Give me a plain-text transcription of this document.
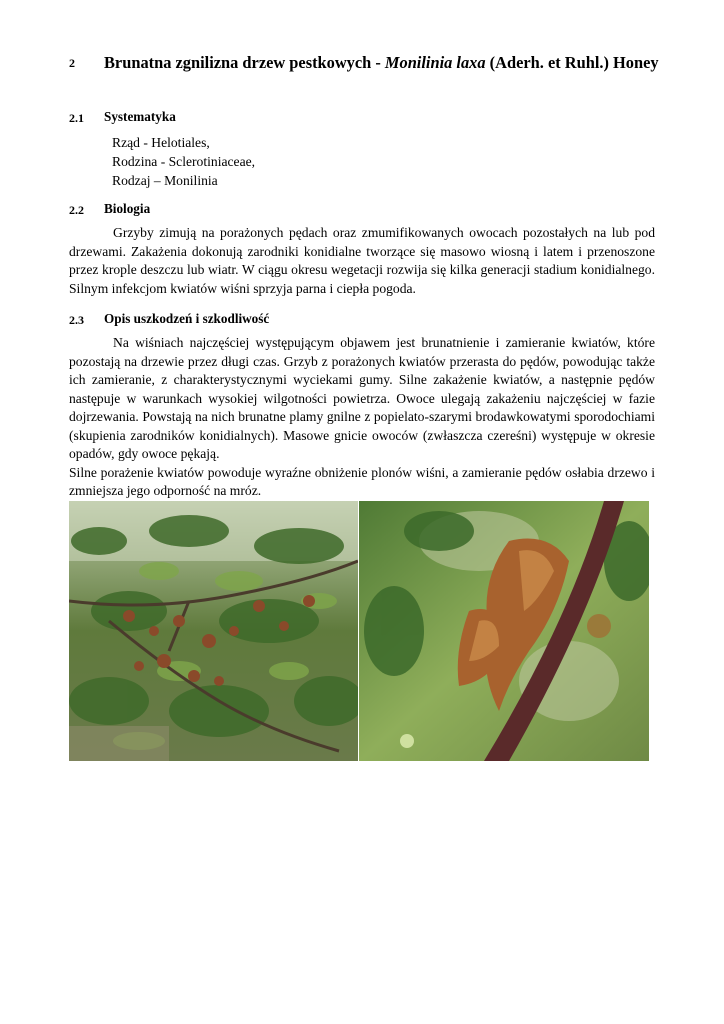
2 Brunatna zgnilizna drzew pestkowych - Monilinia laxa (Aderh. et Ruhl.) Honey
2.1 Systematyka
Rząd - Helotiales,
Rodzina - Sclerotiniaceae,
Rodzaj – Monilinia
2.2 Biologia

Grzyby zimują na porażonych pędach oraz zmumifikowanych owocach pozostałych na lub pod drzewami. Zakażenia dokonują zarodniki konidialne tworzące się masowo wiosną i latem i przenoszone przez krople deszczu lub wiatr. W ciągu okresu wegetacji rozwija się kilka generacji stadium konidialnego. Silnym infekcjom kwiatów wiśni sprzyja parna i ciepła pogoda.

2.3 Opis uszkodzeń i szkodliwość

Na wiśniach najczęściej występującym objawem jest brunatnienie i zamieranie kwiatów, które pozostają na drzewie przez długi czas. Grzyb z porażonych kwiatów przerasta do pędów, powodując także ich zamieranie, z charakterystycznymi wyciekami gumy. Silne zakażenie kwiatów, a następnie pędów następuje w warunkach wysokiej wilgotności powietrza. Owoce ulegają zakażeniu najczęściej w fazie dojrzewania. Powstają na nich brunatne plamy gnilne z popielato-szarymi brodawkowatymi sporodochiami (skupienia zarodników konidialnych). Masowe gnicie owoców (zwłaszcza czereśni) występuje w okresie opadów, gdy owoce pękają.

Silne porażenie kwiatów powoduje wyraźne obniżenie plonów wiśni, a zamieranie pędów osłabia drzewo i zmniejsza jego odporność na mróz.
